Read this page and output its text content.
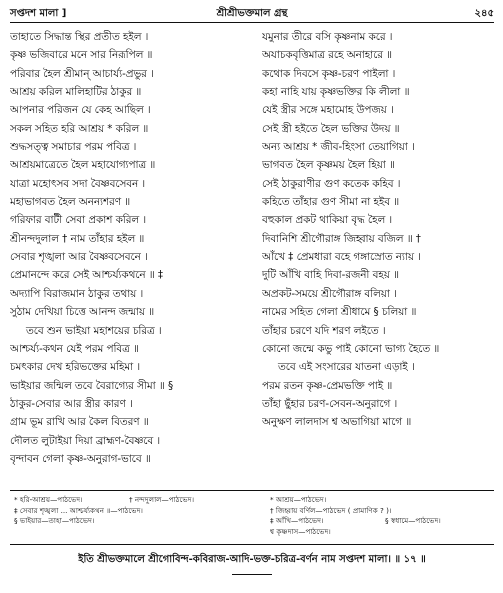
সপ্তদশ মালা ]	শ্রীশ্রীভক্তমাল গ্রন্থ	২৪৫
তাহাতে সিদ্ধান্ত স্থির প্রতীত হইল ।
কৃষ্ণ ভজিবারে মনে সার নিরূপিল ॥
পরিবার হৈল শ্রীমান্ আচার্য্য-প্রভুর ।
আশ্রয় করিল মালিহাটির ঠাকুর ॥
আপনার পরিজন যে কেহ আছিল ।
সকল সহিত হরি আশ্রয় * করিল ॥
শুদ্ধসত্ত্ব সমাচার পরম পবিত্র ।
আশ্রয়মাত্রেতে হৈল মহাযোগ্যপাত্র ॥
যাত্রা মহোৎসব সদা বৈষ্ণবসেবন ।
মহাভাগবত হৈল অনন্যশরণ ॥
গরিফার বাটী সেবা প্রকাশ করিল ।
শ্রীনন্দদুলাল † নাম তাঁহার হইল ॥
সেবার শৃঙ্খলা আর বৈষ্ণবসেবনে ।
প্রেমানন্দে করে সেই আশ্চর্য্যকথনে ॥ ‡
অদ্যাপি বিরাজমান ঠাকুর তথায় ।
সুঠাম দেখিয়া চিত্তে আনন্দ জন্মায় ॥
তবে শুন ভাইয়া মহাশয়ের চরিত্র ।
আশ্চর্য্য-কথন যেই পরম পবিত্র ॥
চমৎকার দেখ হরিভক্তের মহিমা ।
ভাইয়ার জন্মিল তবে বৈরাগ্যের সীমা ॥ §
ঠাকুর-সেবার আর স্ত্রীর কারণ ।
গ্রাম ভূম রাখি আর কৈল বিতরণ ॥
দৌলত লুটাইয়া দিয়া ব্রাহ্মণ-বৈষ্ণবে ।
বৃন্দাবন গেলা কৃষ্ণ-অনুরাগ-ভাবে ॥
যমুনার তীরে বসি কৃষ্ণনাম করে ।
অযাচকবৃত্তিমাত্র রহে অনাহারে ॥
কথোক দিবসে কৃষ্ণ-চরণ পাইলা ।
কহা নাহি যায় কৃষ্ণভক্তির কি লীলা ॥
যেই স্ত্রীর সঙ্গে মহামোহ উপজয় ।
সেই স্ত্রী হইতে হৈল ভক্তির উদয় ॥
অন্য আশ্রয় * জীব-হিংসা তেয়াগিয়া ।
ভাগবত হৈল কৃষ্ণময় হৈল হিয়া ॥
সেই ঠাকুরাণীর গুণ কতেক কহিব ।
কহিতে তাঁহার গুণ সীমা না হইব ॥
বহুকাল প্রকট থাকিয়া বৃদ্ধ হৈল ।
দিবানিশি শ্রীগৌরাঙ্গ জিহ্বায় বজিল ॥ †
আঁখে ‡ প্রেমধারা বহে গঙ্গাস্রোত ন্যায় ।
দুটি আঁখি বাহি দিবা-রজনী বহয় ॥
অপ্রকট-সময়ে শ্রীগৌরাঙ্গ বলিয়া ।
নামের সহিত গেলা শ্রীধামে § চলিয়া ॥
তাঁহার চরণে যদি শরণ লইতে ।
কোনো জন্মে কভু পাই কোনো ভাগ্য হৈতে ॥
তবে এই সংসারের যাতনা এড়াই ।
পরম রতন কৃষ্ণ-প্রেমভক্তি পাই ॥
তাঁহা ছুঁহার চরণ-সেবন-অনুরাগে ।
অনুক্ষণ লালদাস শ্ব অভাগিয়া মাগে ॥
* হরি-আশ্রয়—পাঠভেদ।	† নন্দদুলাল—পাঠভেদ।
‡ সেবার শৃঙ্খলা ... আশ্চর্য্যকথন ॥—পাঠভেদ।
§ ভাইয়ার—তাহা—পাঠভেদ।
* আশ্রয়—পাঠভেদ।
† জিহ্বায় বর্ণিল—পাঠভেদ ( প্রামাণিক ? )।
‡ আঁখি—পাঠভেদ।	§ স্বধামে—পাঠভেদ।
শ্ব কৃষ্ণদাস—পাঠভেদ।
ইতি শ্রীভক্তমালে শ্রীগোবিন্দ-কবিরাজ-আদি-ভক্ত-চরিত্র-বর্ণন নাম সপ্তদশ মালা। ॥ ১৭ ॥
